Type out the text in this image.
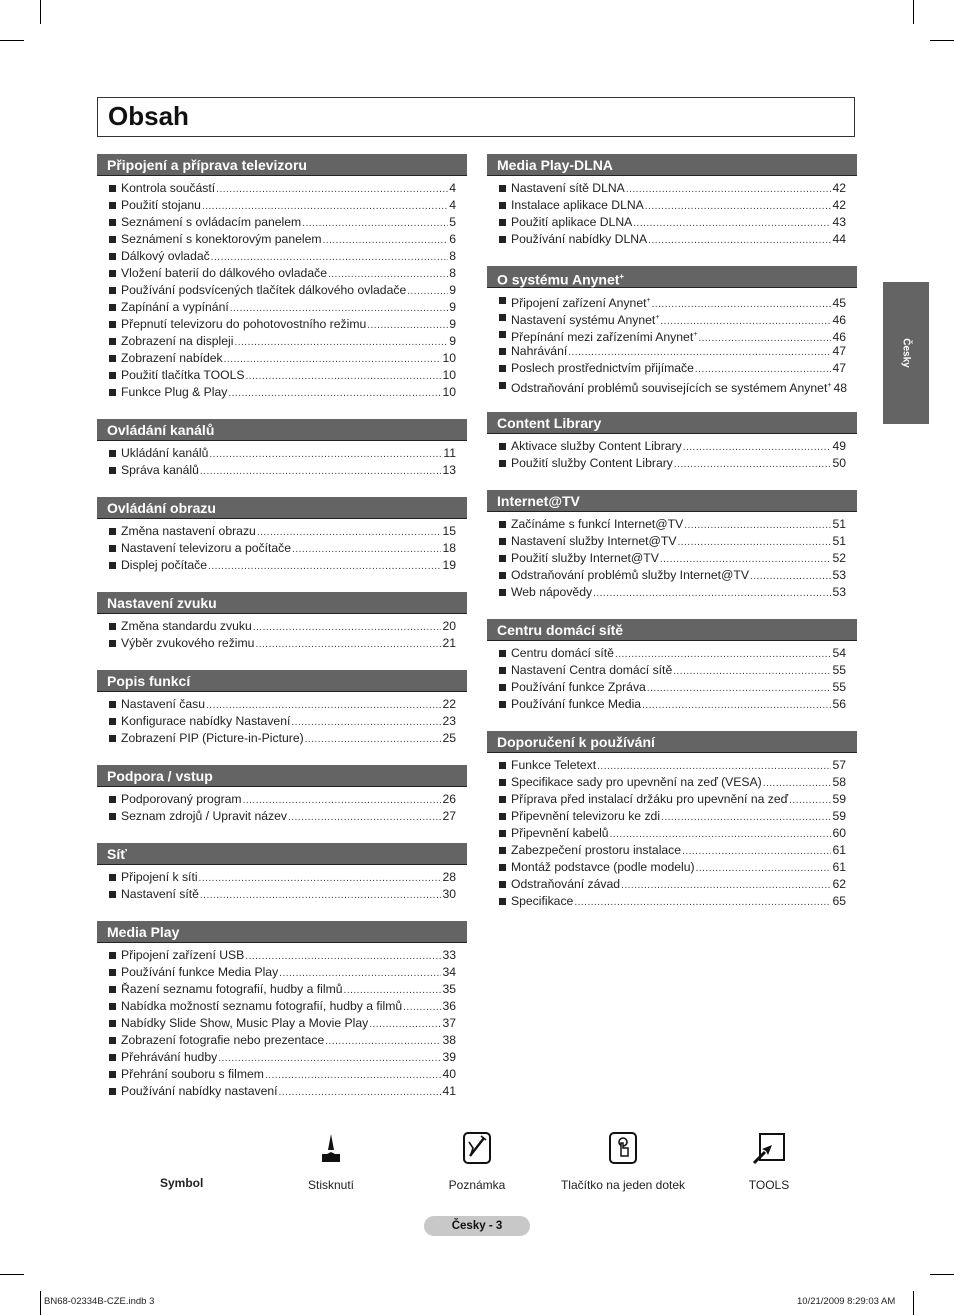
Obsah
Připojení a příprava televizoru
Kontrola součástí .....	4
Použití stojanu .....	4
Seznámení s ovládacím panelem .....	5
Seznámení s konektorovým panelem .....	6
Dálkový ovladač .....	8
Vložení baterií do dálkového ovladače .....	8
Používání podsvícených tlačítek dálkového ovladače .....	9
Zapínání a vypínání .....	9
Přepnutí televizoru do pohotovostního režimu .....	9
Zobrazení na displeji .....	9
Zobrazení nabídek .....	10
Použití tlačítka TOOLS .....	10
Funkce Plug & Play .....	10
Ovládání kanálů
Ukládání kanálů .....	11
Správa kanálů .....	13
Ovládání obrazu
Změna nastavení obrazu .....	15
Nastavení televizoru a počítače .....	18
Displej počítače .....	19
Nastavení zvuku
Změna standardu zvuku .....	20
Výběr zvukového režimu .....	21
Popis funkcí
Nastavení času .....	22
Konfigurace nabídky Nastavení .....	23
Zobrazení PIP (Picture-in-Picture) .....	25
Podpora / vstup
Podporovaný program .....	26
Seznam zdrojů / Upravit název .....	27
Síť
Připojení k síti .....	28
Nastavení sítě .....	30
Media Play
Připojení zařízení USB .....	33
Používání funkce Media Play .....	34
Řazení seznamu fotografií, hudby a filmů .....	35
Nabídka možností seznamu fotografií, hudby a filmů .....	36
Nabídky Slide Show, Music Play a Movie Play .....	37
Zobrazení fotografie nebo prezentace .....	38
Přehrávání hudby .....	39
Přehrání souboru s filmem .....	40
Používání nabídky nastavení .....	41
Media Play-DLNA
Nastavení sítě DLNA .....	42
Instalace aplikace DLNA .....	42
Použití aplikace DLNA .....	43
Používání nabídky DLNA .....	44
O systému Anynet+
Připojení zařízení Anynet+ .....	45
Nastavení systému Anynet+ .....	46
Přepínání mezi zařízeními Anynet+ .....	46
Nahrávání .....	47
Poslech prostřednictvím přijímače .....	47
Odstraňování problémů souvisejících se systémem Anynet+ 48
Content Library
Aktivace služby Content Library .....	49
Použití služby Content Library .....	50
Internet@TV
Začínáme s funkcí Internet@TV .....	51
Nastavení služby Internet@TV .....	51
Použití služby Internet@TV .....	52
Odstraňování problémů služby Internet@TV .....	53
Web nápovědy .....	53
Centru domácí sítě
Centru domácí sítě .....	54
Nastavení Centra domácí sítě .....	55
Používání funkce Zpráva .....	55
Používání funkce Media .....	56
Doporučení k používání
Funkce Teletext .....	57
Specifikace sady pro upevnění na zeď (VESA) .....	58
Příprava před instalací držáku pro upevnění na zeď .....	59
Připevnění televizoru ke zdi .....	59
Připevnění kabelů .....	60
Zabezpečení prostoru instalace .....	61
Montáž podstavce (podle modelu) .....	61
Odstraňování závad .....	62
Specifikace .....	65
Česky
Symbol	Stisknutí	Poznámka	Tlačítko na jeden dotek	TOOLS
Česky - 3
BN68-02334B-CZE.indb 3	10/21/2009 8:29:03 AM
